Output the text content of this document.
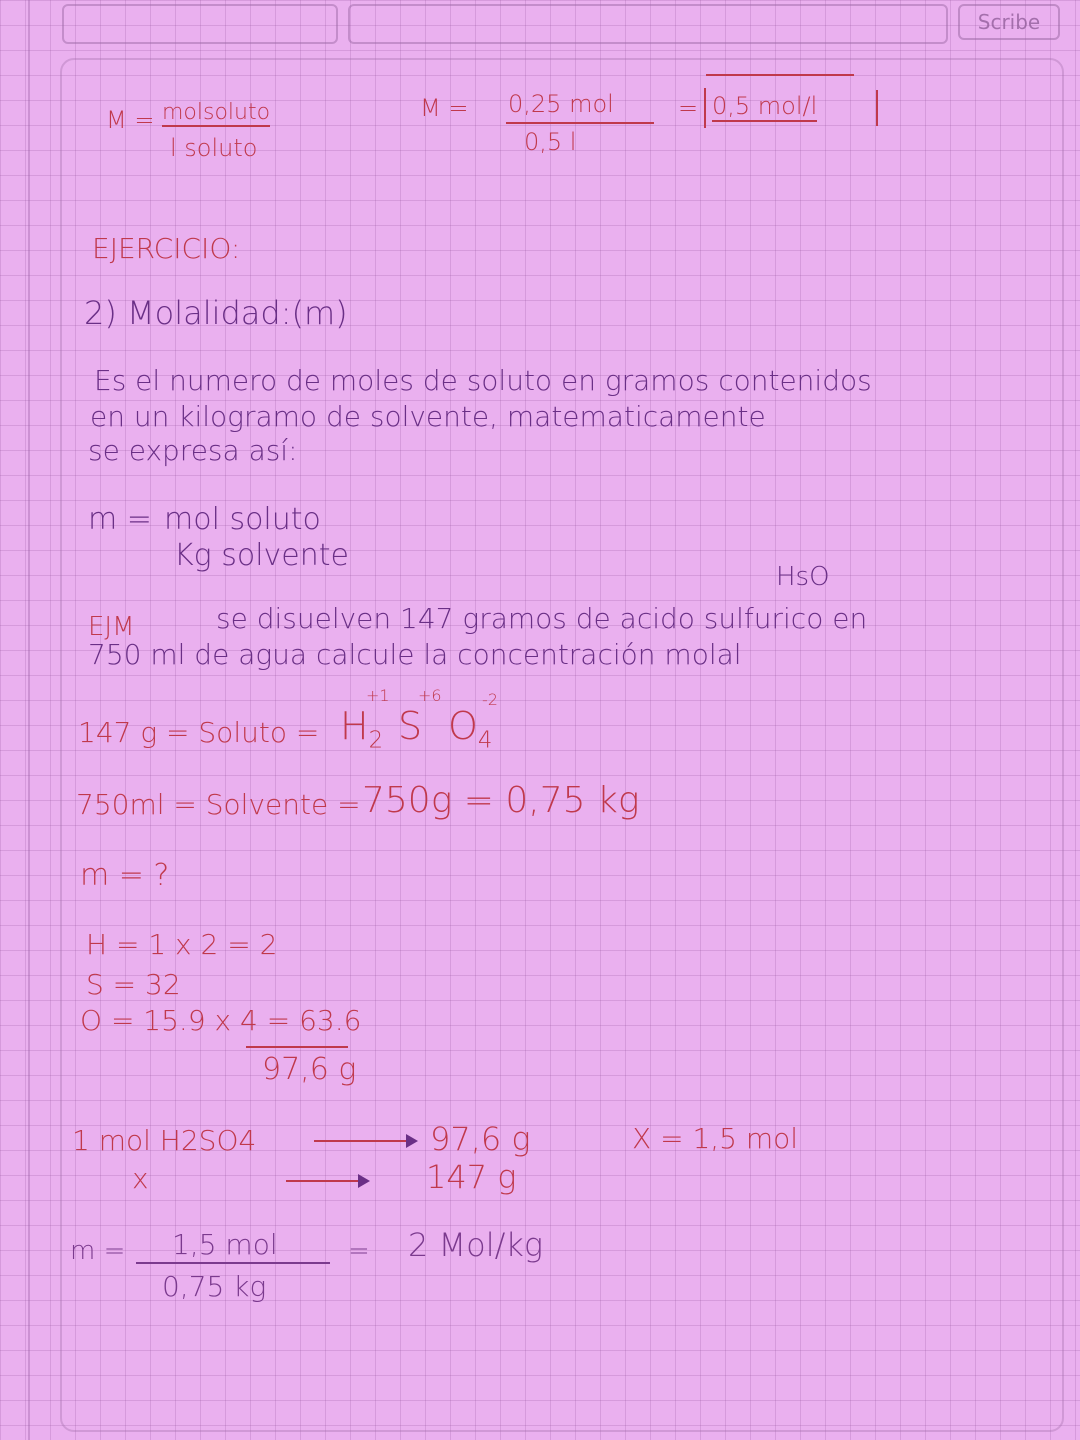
Scribe
M = molsoluto
l soluto
M = 0,25 mol
0,5 l
= 0,5 mol/l
EJERCICIO:
2) Molalidad:(m)
Es el numero de moles de soluto en gramos contenidos
en un kilogramo de solvente, matematicamente
se expresa así:
m = mol soluto
Kg solvente
HsO
EJM	se disuelven 147 gramos de acido sulfurico en
750 ml de agua calcule la concentración molal
+1 +6	-2
147 g = Soluto = $H_2$ S $O_4$
750ml = Solvente = 750g = 0,75 kg
m = ?
H = 1 x 2 = 2
S = 32
O = 15.9 x 4 = 63.6
97,6 g
1 mol H2SO4	97,6 g
x	147 g
X = 1,5 mol
m = 1,5 mol
0,75 kg
= 2 Mol/kg
